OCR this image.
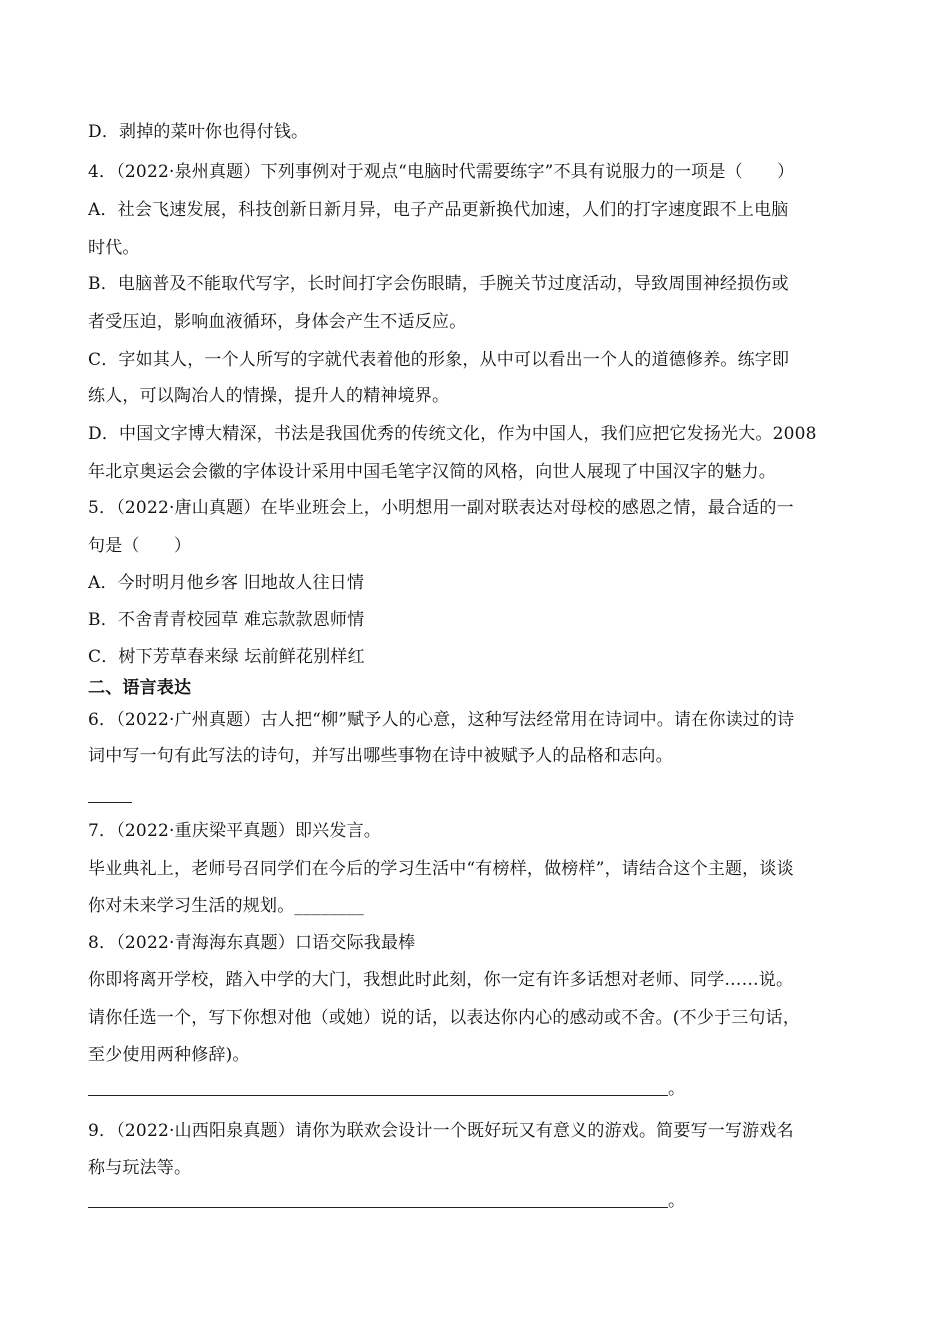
D．剥掉的菜叶你也得付钱。
4．（2022·泉州真题）下列事例对于观点“电脑时代需要练字”不具有说服力的一项是（　　）
A．社会飞速发展，科技创新日新月异，电子产品更新换代加速，人们的打字速度跟不上电脑
时代。
B．电脑普及不能取代写字，长时间打字会伤眼睛，手腕关节过度活动，导致周围神经损伤或
者受压迫，影响血液循环，身体会产生不适反应。
C．字如其人，一个人所写的字就代表着他的形象，从中可以看出一个人的道德修养。练字即
练人，可以陶冶人的情操，提升人的精神境界。
D．中国文字博大精深，书法是我国优秀的传统文化，作为中国人，我们应把它发扬光大。2008
年北京奥运会会徽的字体设计采用中国毛笔字汉简的风格，向世人展现了中国汉字的魅力。
5．（2022·唐山真题）在毕业班会上，小明想用一副对联表达对母校的感恩之情，最合适的一
句是（　　）
A．今时明月他乡客 旧地故人往日情
B．不舍青青校园草 难忘款款恩师情
C．树下芳草春来绿 坛前鲜花别样红
二、语言表达
6．（2022·广州真题）古人把“柳”赋予人的心意，这种写法经常用在诗词中。请在你读过的诗
词中写一句有此写法的诗句，并写出哪些事物在诗中被赋予人的品格和志向。
7．（2022·重庆梁平真题）即兴发言。
毕业典礼上，老师号召同学们在今后的学习生活中“有榜样，做榜样”，请结合这个主题，谈谈
你对未来学习生活的规划。________
8．（2022·青海海东真题）口语交际我最棒
你即将离开学校，踏入中学的大门，我想此时此刻，你一定有许多话想对老师、同学……说。
请你任选一个，写下你想对他（或她）说的话，以表达你内心的感动或不舍。(不少于三句话，
至少使用两种修辞)。
。
9．（2022·山西阳泉真题）请你为联欢会设计一个既好玩又有意义的游戏。简要写一写游戏名
称与玩法等。
。
